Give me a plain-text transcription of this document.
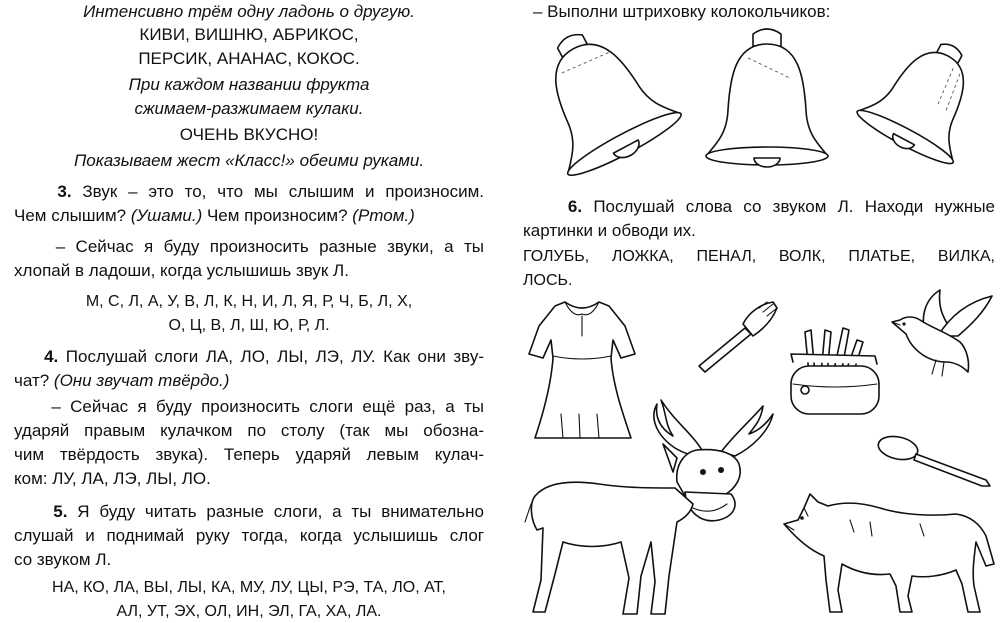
Интенсивно трём одну ладонь о другую.
КИВИ, ВИШНЮ, АБРИКОС,
ПЕРСИК, АНАНАС, КОКОС.
При каждом названии фрукта
сжимаем-разжимаем кулаки.
ОЧЕНЬ ВКУСНО!
Показываем жест «Класс!» обеими руками.
3. Звук – это то, что мы слышим и произносим.
Чем слышим? (Ушами.) Чем произносим? (Ртом.)
– Сейчас я буду произносить разные звуки, а ты
хлопай в ладоши, когда услышишь звук Л.
М, С, Л, А, У, В, Л, К, Н, И, Л, Я, Р, Ч, Б, Л, Х,
О, Ц, В, Л, Ш, Ю, Р, Л.
4. Послушай слоги ЛА, ЛО, ЛЫ, ЛЭ, ЛУ. Как они зву-
чат? (Они звучат твёрдо.)
– Сейчас я буду произносить слоги ещё раз, а ты
ударяй правым кулачком по столу (так мы обозна-
чим твёрдость звука). Теперь ударяй левым кулач-
ком: ЛУ, ЛА, ЛЭ, ЛЫ, ЛО.
5. Я буду читать разные слоги, а ты внимательно
слушай и поднимай руку тогда, когда услышишь слог
со звуком Л.
НА, КО, ЛА, ВЫ, ЛЫ, КА, МУ, ЛУ, ЦЫ, РЭ, ТА, ЛО, АТ,
АЛ, УТ, ЭХ, ОЛ, ИН, ЭЛ, ГА, ХА, ЛА.
– Выполни штриховку колокольчиков:
6. Послушай слова со звуком Л. Находи нужные
картинки и обводи их.
ГОЛУБЬ, ЛОЖКА, ПЕНАЛ, ВОЛК, ПЛАТЬЕ, ВИЛКА,
ЛОСЬ.
